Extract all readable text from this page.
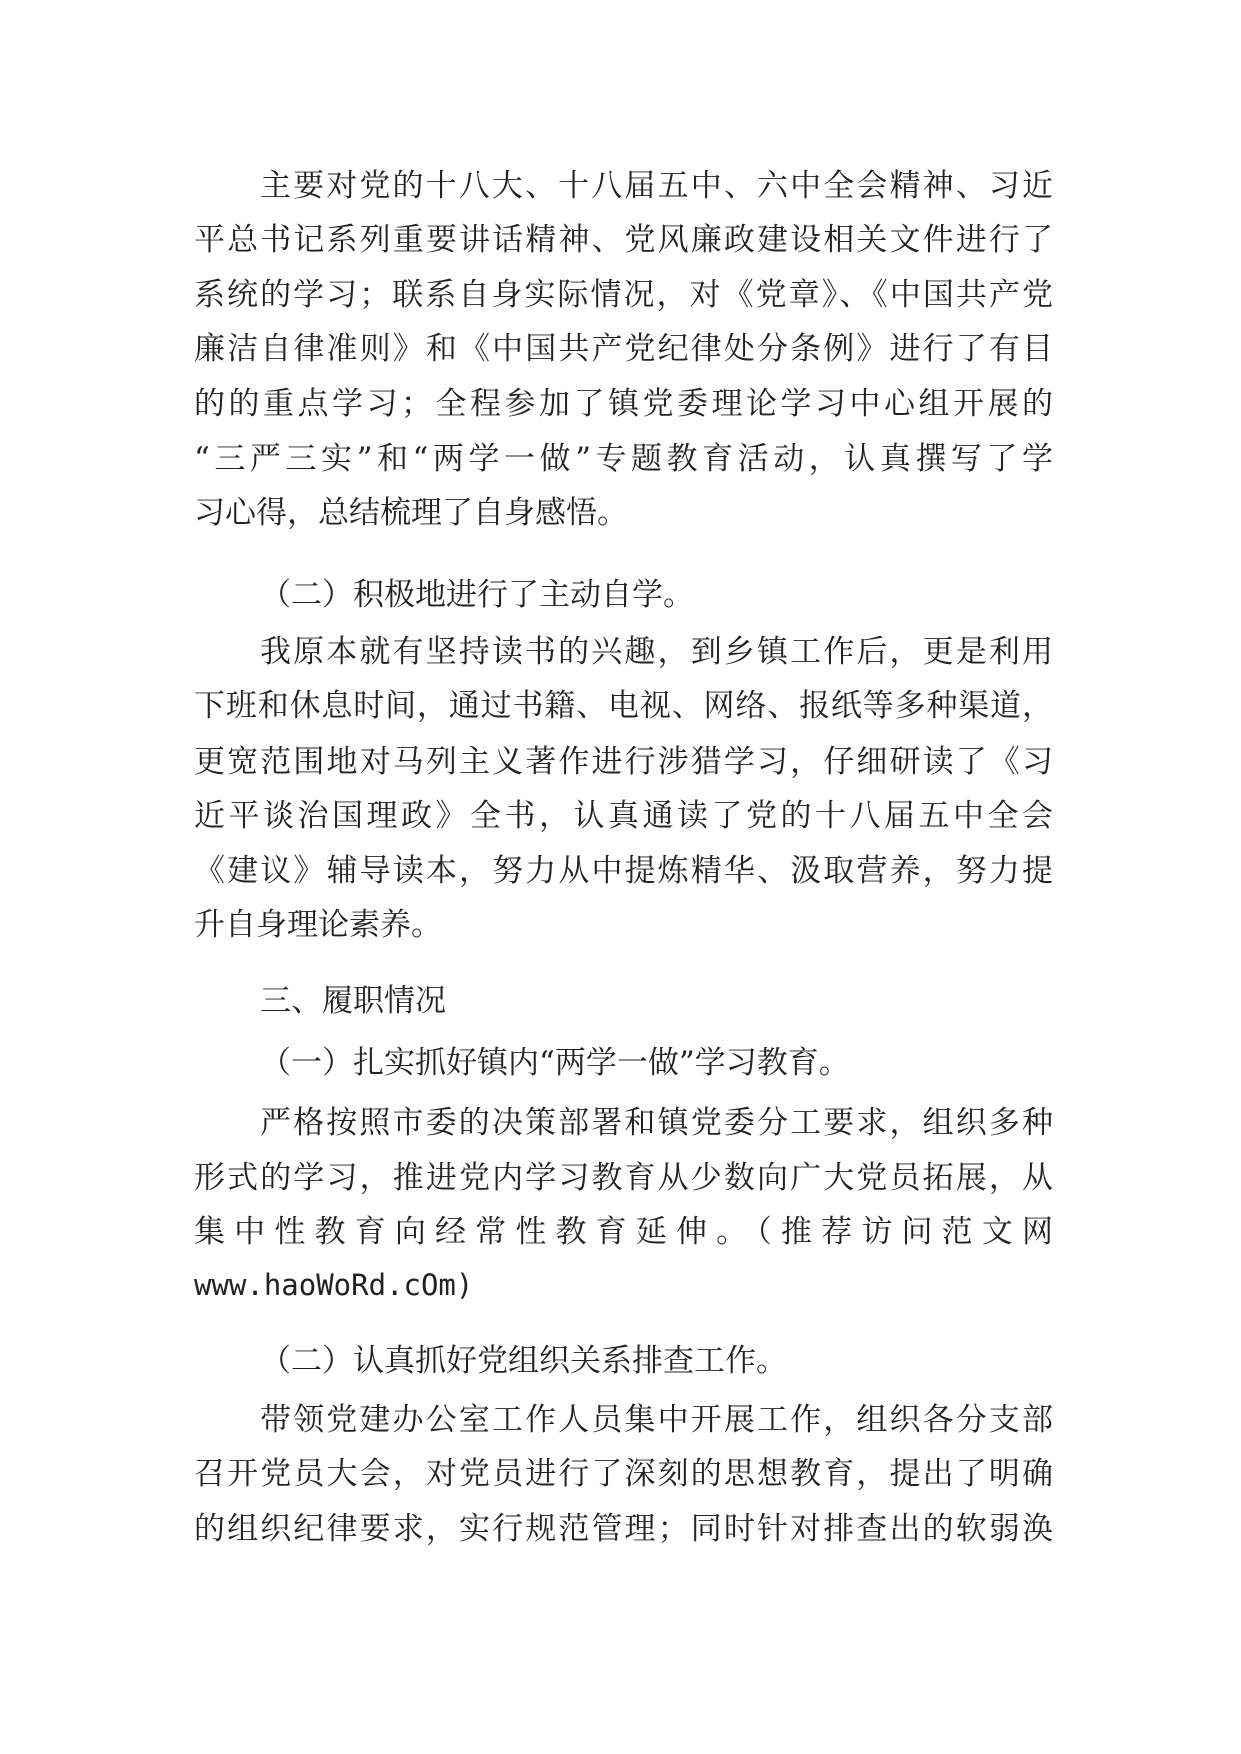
主要对党的十八大、十八届五中、六中全会精神、习近
平总书记系列重要讲话精神、党风廉政建设相关文件进行了
系统的学习；联系自身实际情况，对《党章》、《中国共产党
廉洁自律准则》和《中国共产党纪律处分条例》进行了有目
的的重点学习；全程参加了镇党委理论学习中心组开展的
“三严三实”和“两学一做”专题教育活动，认真撰写了学
习心得，总结梳理了自身感悟。
（二）积极地进行了主动自学。
我原本就有坚持读书的兴趣，到乡镇工作后，更是利用
下班和休息时间，通过书籍、电视、网络、报纸等多种渠道，
更宽范围地对马列主义著作进行涉猎学习，仔细研读了《习
近平谈治国理政》全书，认真通读了党的十八届五中全会
《建议》辅导读本，努力从中提炼精华、汲取营养，努力提
升自身理论素养。
三、履职情况
（一）扎实抓好镇内“两学一做”学习教育。
严格按照市委的决策部署和镇党委分工要求，组织多种
形式的学习，推进党内学习教育从少数向广大党员拓展，从
集中性教育向经常性教育延伸。（推荐访问范文网
www.haoWoRd.cOm)
（二）认真抓好党组织关系排查工作。
带领党建办公室工作人员集中开展工作，组织各分支部
召开党员大会，对党员进行了深刻的思想教育，提出了明确
的组织纪律要求，实行规范管理；同时针对排查出的软弱涣
